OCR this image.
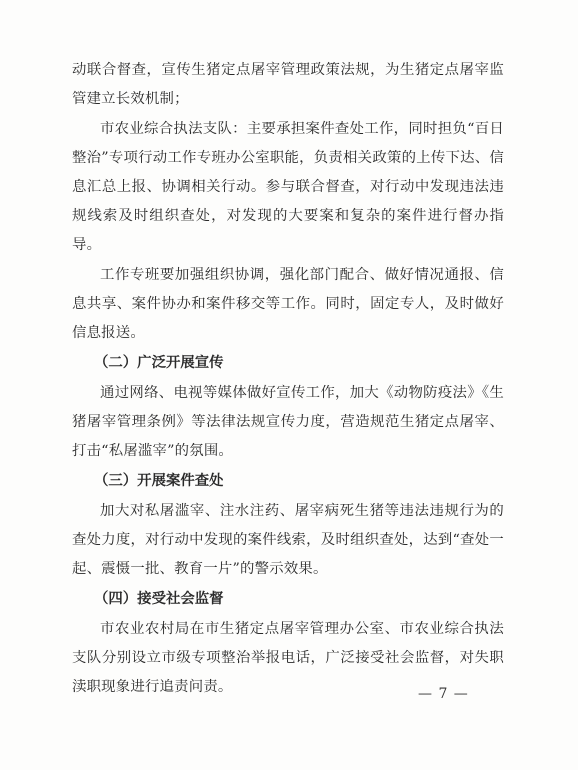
动联合督查，宣传生猪定点屠宰管理政策法规，为生猪定点屠宰监管建立长效机制；

市农业综合执法支队：主要承担案件查处工作，同时担负“百日整治”专项行动工作专班办公室职能，负责相关政策的上传下达、信息汇总上报、协调相关行动。参与联合督查，对行动中发现违法违规线索及时组织查处，对发现的大要案和复杂的案件进行督办指导。

工作专班要加强组织协调，强化部门配合、做好情况通报、信息共享、案件协办和案件移交等工作。同时，固定专人，及时做好信息报送。

（二）广泛开展宣传

通过网络、电视等媒体做好宣传工作，加大《动物防疫法》《生猪屠宰管理条例》等法律法规宣传力度，营造规范生猪定点屠宰、打击“私屠滥宰”的氛围。

（三）开展案件查处

加大对私屠滥宰、注水注药、屠宰病死生猪等违法违规行为的查处力度，对行动中发现的案件线索，及时组织查处，达到“查处一起、震慑一批、教育一片”的警示效果。

（四）接受社会监督

市农业农村局在市生猪定点屠宰管理办公室、市农业综合执法支队分别设立市级专项整治举报电话，广泛接受社会监督，对失职渎职现象进行追责问责。	— 7 —
